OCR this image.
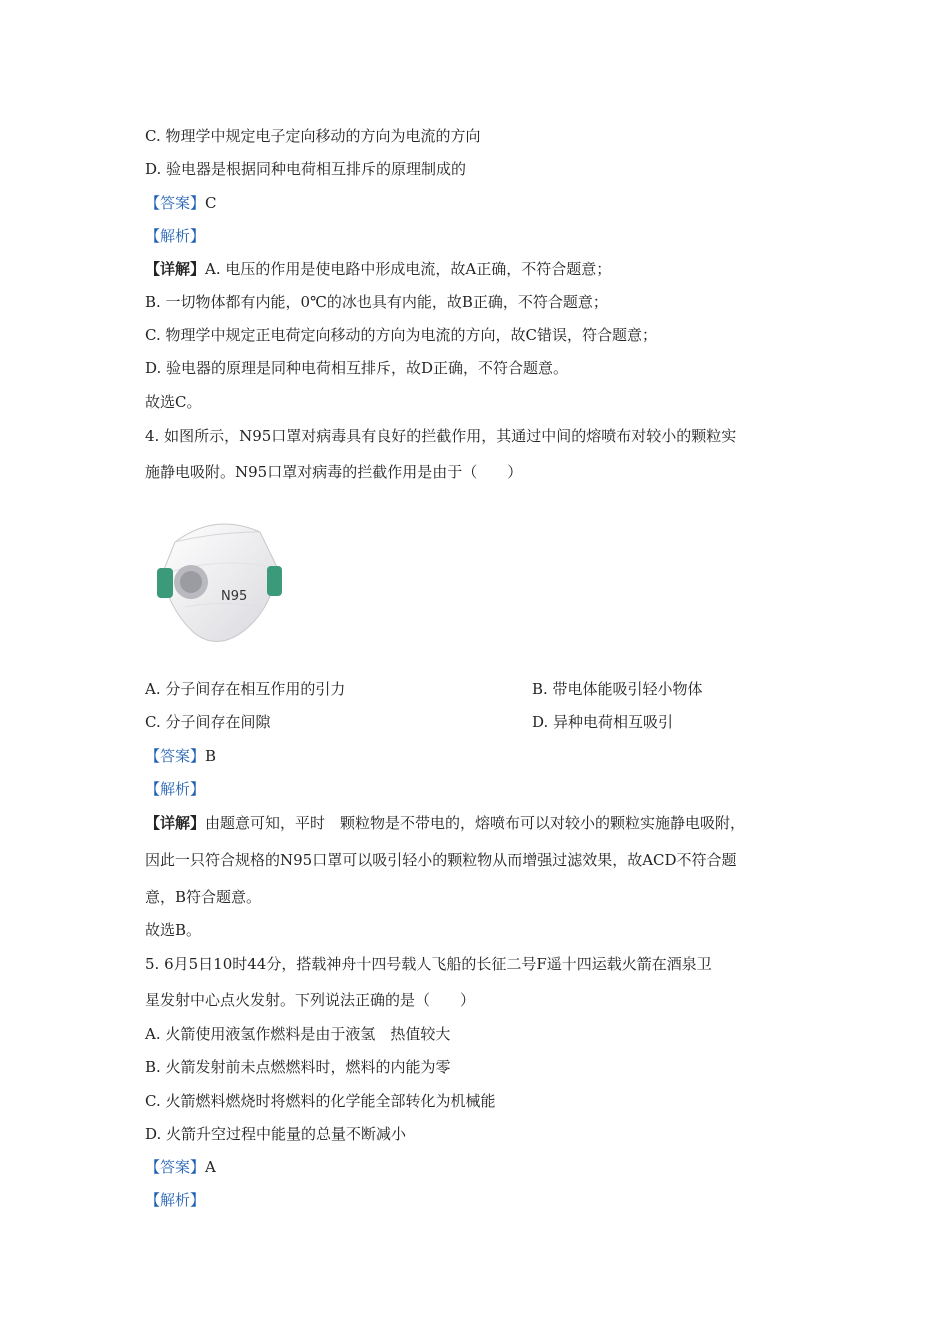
C. 物理学中规定电子定向移动的方向为电流的方向
D. 验电器是根据同种电荷相互排斥的原理制成的
【答案】C
【解析】
【详解】A. 电压的作用是使电路中形成电流，故A正确，不符合题意；
B. 一切物体都有内能，0℃的冰也具有内能，故B正确，不符合题意；
C. 物理学中规定正电荷定向移动的方向为电流的方向，故C错误，符合题意；
D. 验电器的原理是同种电荷相互排斥，故D正确，不符合题意。
故选C。
4. 如图所示，N95口罩对病毒具有良好的拦截作用，其通过中间的熔喷布对较小的颗粒实
施静电吸附。N95口罩对病毒的拦截作用是由于（　　）
N95
A. 分子间存在相互作用的引力	B. 带电体能吸引轻小物体
C. 分子间存在间隙	D. 异种电荷相互吸引
【答案】B
【解析】
【详解】由题意可知，平时　颗粒物是不带电的，熔喷布可以对较小的颗粒实施静电吸附，
因此一只符合规格的N95口罩可以吸引轻小的颗粒物从而增强过滤效果，故ACD不符合题
意，B符合题意。
故选B。
5. 6月5日10时44分，搭载神舟十四号载人飞船的长征二号F遥十四运载火箭在酒泉卫
星发射中心点火发射。下列说法正确的是（　　）
A. 火箭使用液氢作燃料是由于液氢　热值较大
B. 火箭发射前未点燃燃料时，燃料的内能为零
C. 火箭燃料燃烧时将燃料的化学能全部转化为机械能
D. 火箭升空过程中能量的总量不断减小
【答案】A
【解析】
